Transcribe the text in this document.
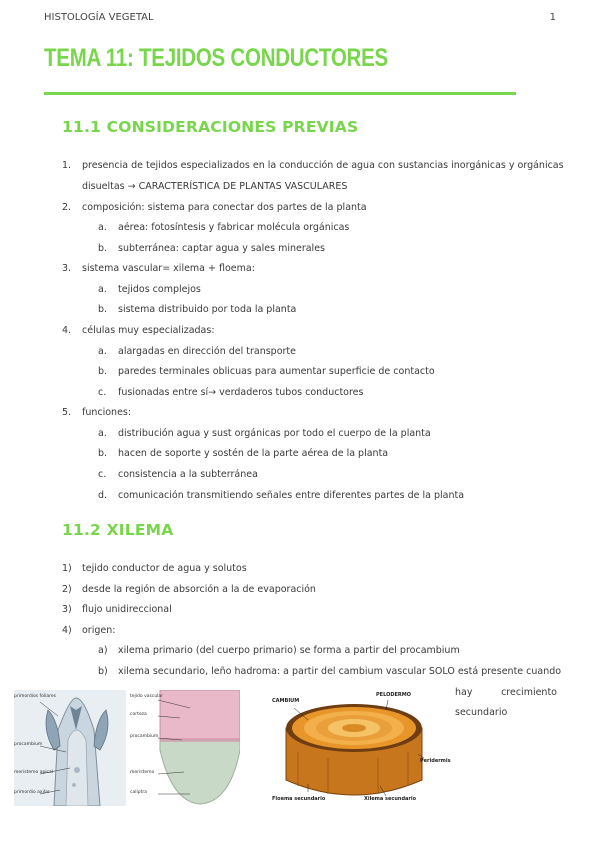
HISTOLOGÍA VEGETAL	1
TEMA 11: TEJIDOS CONDUCTORES
11.1 CONSIDERACIONES PREVIAS
1. presencia de tejidos especializados en la conducción de agua con sustancias inorgánicas y orgánicas
disueltas → CARACTERÍSTICA DE PLANTAS VASCULARES
2. composición: sistema para conectar dos partes de la planta
a. aérea: fotosíntesis y fabricar molécula orgánicas
b. subterránea: captar agua y sales minerales
3. sistema vascular= xilema + floema:
a. tejidos complejos
b. sistema distribuido por toda la planta
4. células muy especializadas:
a. alargadas en dirección del transporte
b. paredes terminales oblicuas para aumentar superficie de contacto
c. fusionadas entre sí→ verdaderos tubos conductores
5. funciones:
a. distribución agua y sust orgánicas por todo el cuerpo de la planta
b. hacen de soporte y sostén de la parte aérea de la planta
c. consistencia a la subterránea
d. comunicación transmitiendo señales entre diferentes partes de la planta
11.2 XILEMA
1) tejido conductor de agua y solutos
2) desde la región de absorción a la de evaporación
3) flujo unidireccional
4) origen:
a) xilema primario (del cuerpo primario) se forma a partir del procambium
b) xilema secundario, leño hadroma: a partir del cambium vascular SOLO está presente cuando
hay	crecimiento
secundario
primordios foliares
procambium
meristemo apical
primordio axilar
tejido vascular
corteza
procambium
meristemo
caliptra
CAMBIUM
PELODERMO
Peridermis
Floema secundario	Xilema secundario
